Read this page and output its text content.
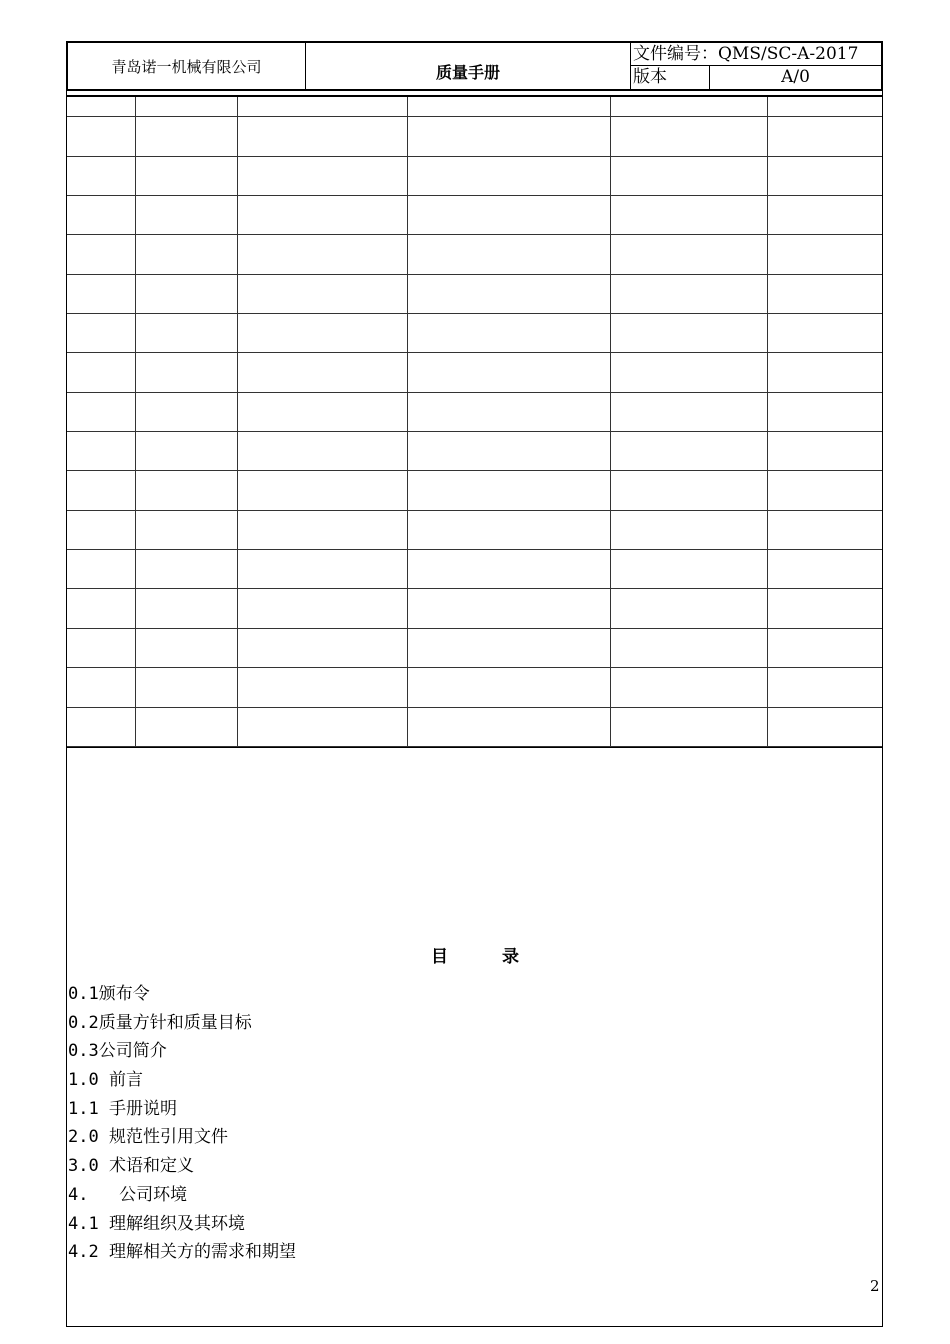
青岛诺一机械有限公司	质量手册
文件编号：QMS/SC-A-2017
版本	A/0

目 录
0.1颁布令
0.2质量方针和质量目标
0.3公司简介
1.0 前言
1.1 手册说明
2.0 规范性引用文件
3.0 术语和定义
4.   公司环境
4.1 理解组织及其环境
4.2 理解相关方的需求和期望
2
